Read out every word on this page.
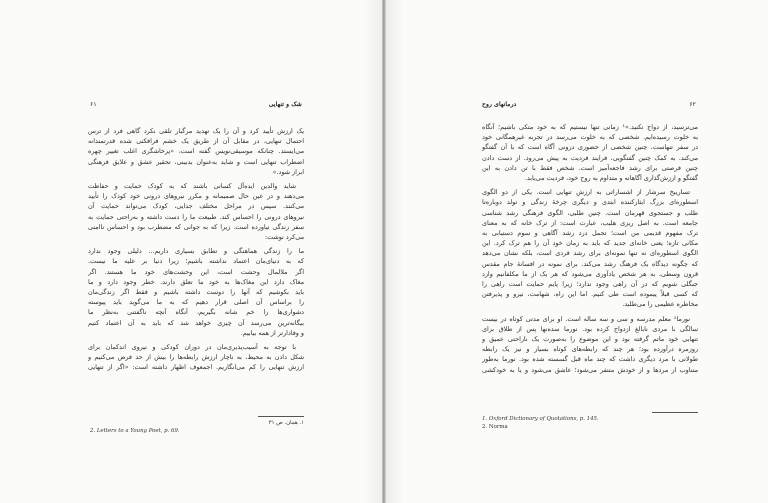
شک و تنهایی
۶۱
یک ارزش تأیید کرد و آن را یک تهدید مرگبار تلقی نکرد گاهی فرد از ترس
احتمال تنهایی، در مقابل آن از طریق یک خشم فرافکنی شده قدرتمندانه
می‌ایستد. چنانکه موسیقی‌نویس گفته است، «پرخاشگری اغلب تغییر چهره
اضطراب تنهایی است و شاید به‌عنوان بدبینی، تحقیر عشق و علایق فرهنگی
ابراز شود.»
شاید والدین ایده‌آل کسانی باشند که به کودک حمایت و حفاظت
می‌دهند و در عین حال صمیمانه و مکرر نیروهای درونی خود کودک را تأیید
می‌کنند. سپس در مراحل مختلف جدایی، کودک می‌تواند حمایت آن
نیروهای درونی را احساس کند. طبیعت ما را دست داشته و به‌راحتی حمایت به
سفر زندگی نیاورده است. زیرا که به جوانی که مضطرب بود و احساس ناامنی
می‌کرد نوشت:
ما را زندگی هماهنگی و تطابق بسیاری داریم... دلیلی وجود ندارد
که به دنیای‌مان اعتماد نداشته باشیم؛ زیرا دنیا بر علیه ما نیست.
اگر ملالمال وحشت است، این وحشت‌های خود ما هستند. اگر
مغاک دارد این مغاک‌ها به خود ما تعلق دارند. خطر وجود دارد و ما
باید بکوشیم که آنها را دوست داشته باشیم و فقط اگر زندگی‌مان
را براساس آن اصلی قرار دهیم که به ما می‌گوید باید پیوسته
دشواری‌ها را خم شانه بگیریم، آنگاه آنچه ناگفتنی به‌نظر ما
بیگانه‌ترین می‌رسد آن چیزی خواهد شد که باید به آن اعتماد کنیم
و وفادارتر از همه بیابیم.
با توجه به آسیب‌پذیری‌مان در دوران کودکی و نیروی اندکمان برای
شکل دادن به محیط، به ناچار ارزش رابطه‌ها را بیش از حد فرض می‌کنیم و
ارزش تنهایی را کم می‌انگاریم. اجمعوف اظهار داشته است: «اگر از تنهایی
۱. همان. ص ۳۱
2. Letters to a Young Poet, p. 69.
۶۲
درمانهای روح
می‌ترسید، از دواج نکنید.»¹ زمانی تنها نیستیم که به خود متکی باشیم؛ آنگاه
به خلوت رسیده‌ایم. شخصی که به خلوت می‌رسد در تجربه غیرهمگانی خود
در سفر تنهاست. چنین شخصی از حضوری درونی آگاه است که با آن گفتگو
می‌کند. به کمک چنین گفتگویی، فرایند فردیت به پیش می‌رود. از دست دادن
چنین فرصتی برای رشد فاجعه‌آمیز است. شخص فقط با تن دادن به این
گفتگو و ارزش‌گذاری آگاهانه و متداوم به روح خود، فردیت می‌یابد.
تسارییخ سرشار از اشساراتی به ارزش تنهایی است. یکی از دو الگوی
اسطوره‌ای بزرگ ایثارکننده ابتدی و دیگری چرخهٔ زندگی و تولد دوباره‌تا
طلب و جستجوی قهرمان است. چنین طلبی، الگوی فرهنگی رشد شناسی
جامعه است. به اصل ریزی هلیب، عبارت است: از ترک خانه که به معنای
ترک مفهوم قدیمی من است؛ تحمل درد رشد آگاهی و سوم دستیابی به
مکانی تازه؛ یعنی خانه‌ای جدید که باید به زمان خود آن را هم ترک کرد. این
الگوی اسطوره‌ای نه تنها نمونه‌ای برای رشد فردی است، بلکه نشان می‌دهد
که چگونه دیدگاه یک فرهنگ رشد می‌کند. برای نمونه در افسانهٔ جام مقدس
قرون وسطی، به هر شخص یادآوری می‌شود که هر یک از ما مکلفانیم وارد
جنگلی شویم که در آن راهی وجود ندارد؛ زیرا پایم حمایت است راهی را
که کسی قبلاً پیموده است طی کنیم. اما این راه، شهامت، نیرو و پذیرفتن
مخاطره عظیمی را می‌طلبد.
نورما² معلم مدرسه و سی و سه ساله است. او برای مدتی کوتاه در بیست
سالگی با مردی نابالغ ازدواج کرده بود. نورما سده‌نها پس از طلاق برای
تنهایی خود ماتم گرفته بود و این موضوع را به‌صورت یک ناراحتی عمیق و
روزمره درآورده بود؛ هر چند که رابطه‌های کوتاه بسیار و نیز یک رابطه
طولانی با مرد دیگری داشت که چند ماه قبل گسسته شده بود. نورما به‌طور
متناوب از مردها و از خودش متنفر می‌شود؛ عاشق می‌شود و یا به خودکشی
1. Oxford Dictionary of Quotations, p. 145.
2. Norma
